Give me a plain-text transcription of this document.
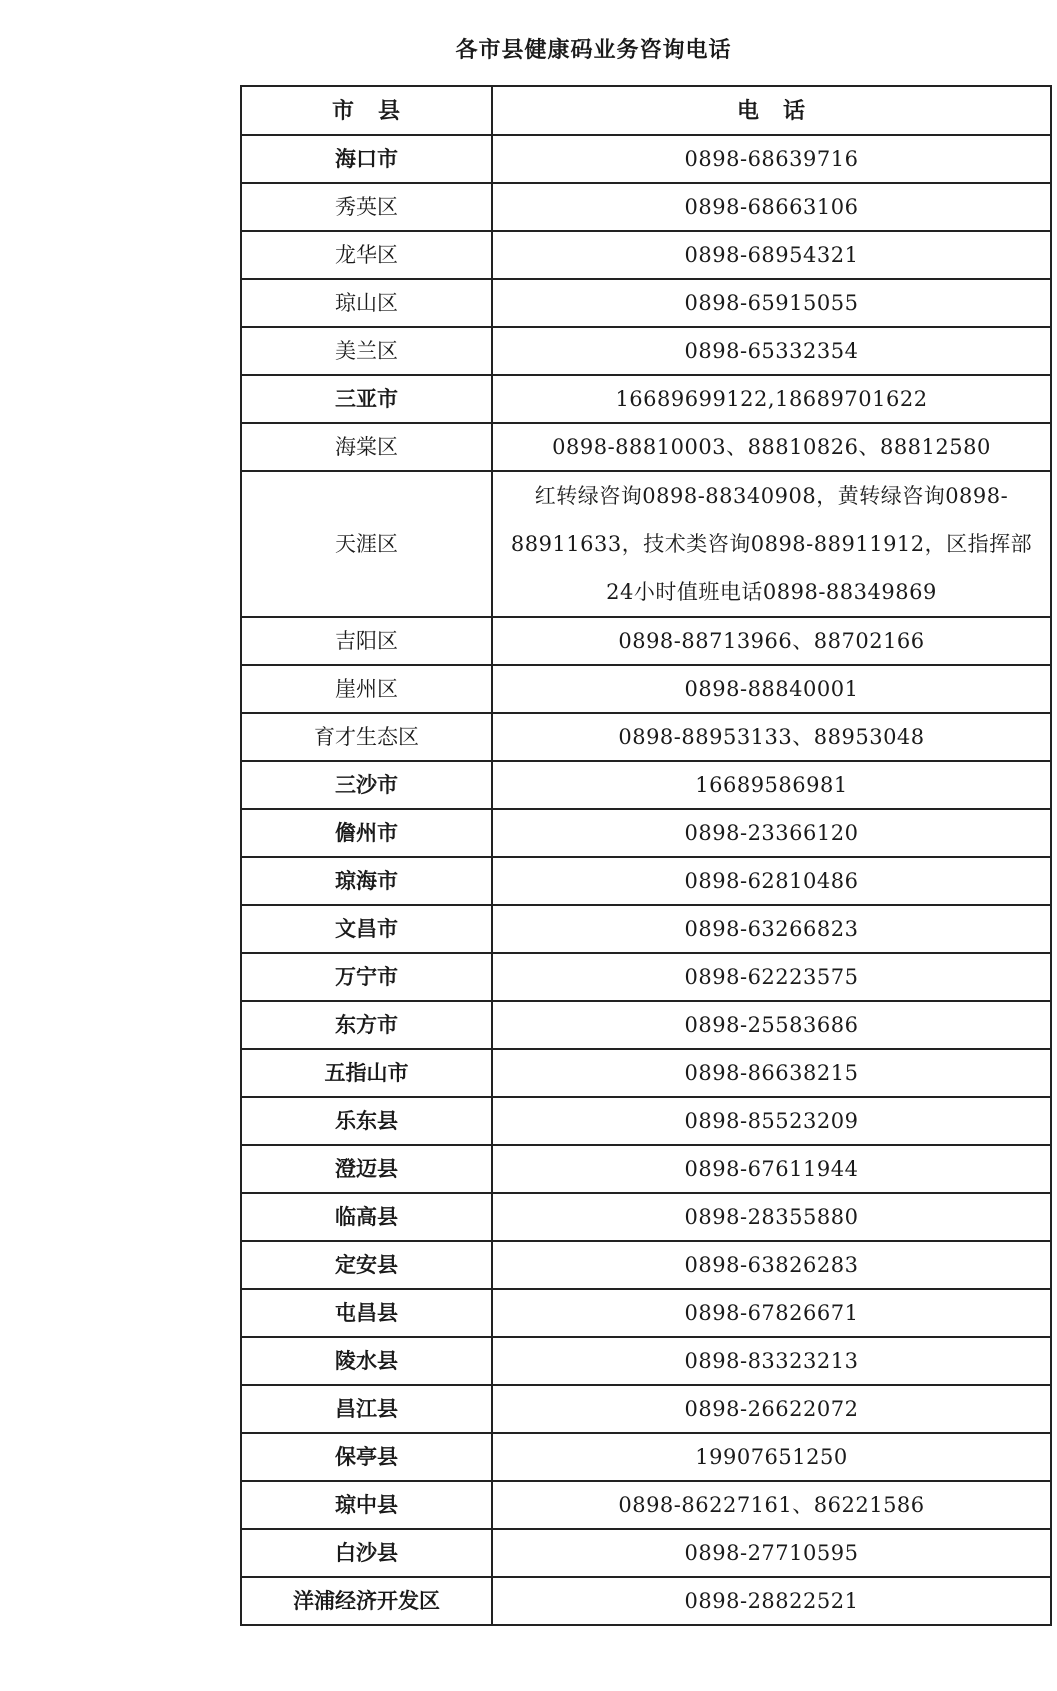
各市县健康码业务咨询电话
市　县	电　话
海口市	0898-68639716
秀英区	0898-68663106
龙华区	0898-68954321
琼山区	0898-65915055
美兰区	0898-65332354
三亚市	16689699122,18689701622
海棠区	0898-88810003、88810826、88812580
天涯区	红转绿咨询0898-88340908，黄转绿咨询0898-88911633，技术类咨询0898-88911912，区指挥部24小时值班电话0898-88349869
吉阳区	0898-88713966、88702166
崖州区	0898-88840001
育才生态区	0898-88953133、88953048
三沙市	16689586981
儋州市	0898-23366120
琼海市	0898-62810486
文昌市	0898-63266823
万宁市	0898-62223575
东方市	0898-25583686
五指山市	0898-86638215
乐东县	0898-85523209
澄迈县	0898-67611944
临高县	0898-28355880
定安县	0898-63826283
屯昌县	0898-67826671
陵水县	0898-83323213
昌江县	0898-26622072
保亭县	19907651250
琼中县	0898-86227161、86221586
白沙县	0898-27710595
洋浦经济开发区	0898-28822521
